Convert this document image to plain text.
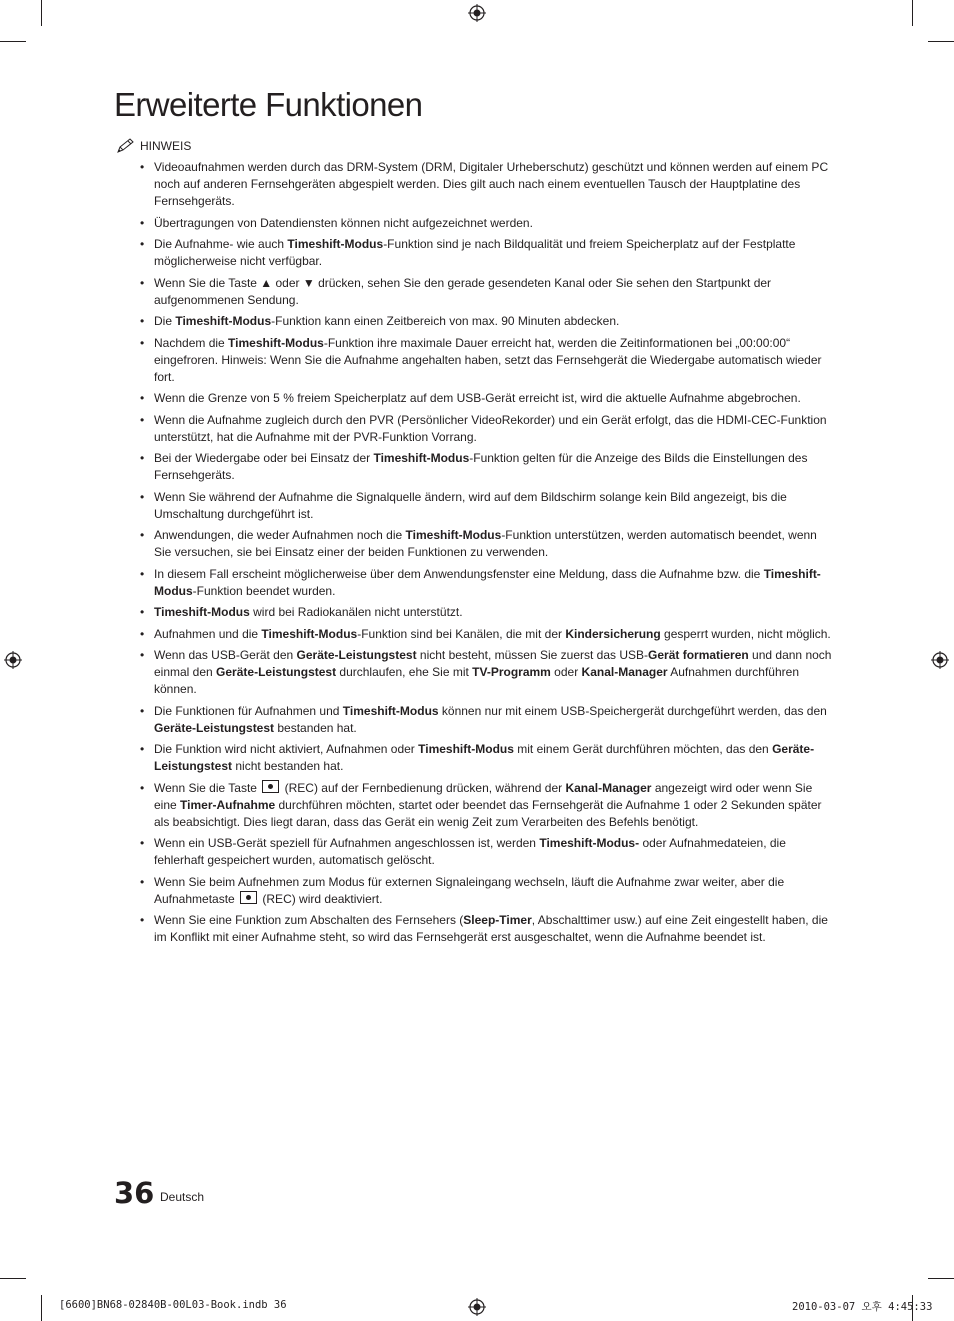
Erweiterte Funktionen
HINWEIS
• Videoaufnahmen werden durch das DRM-System (DRM, Digitaler Urheberschutz) geschützt und können werden auf einem PC noch auf anderen Fernsehgeräten abgespielt werden. Dies gilt auch nach einem eventuellen Tausch der Hauptplatine des Fernsehgeräts.
• Übertragungen von Datendiensten können nicht aufgezeichnet werden.
• Die Aufnahme- wie auch Timeshift-Modus-Funktion sind je nach Bildqualität und freiem Speicherplatz auf der Festplatte möglicherweise nicht verfügbar.
• Wenn Sie die Taste ▲ oder ▼ drücken, sehen Sie den gerade gesendeten Kanal oder Sie sehen den Startpunkt der aufgenommenen Sendung.
• Die Timeshift-Modus-Funktion kann einen Zeitbereich von max. 90 Minuten abdecken.
• Nachdem die Timeshift-Modus-Funktion ihre maximale Dauer erreicht hat, werden die Zeitinformationen bei „00:00:00“ eingefroren. Hinweis: Wenn Sie die Aufnahme angehalten haben, setzt das Fernsehgerät die Wiedergabe automatisch wieder fort.
• Wenn die Grenze von 5 % freiem Speicherplatz auf dem USB-Gerät erreicht ist, wird die aktuelle Aufnahme abgebrochen.
• Wenn die Aufnahme zugleich durch den PVR (Persönlicher VideoRekorder) und ein Gerät erfolgt, das die HDMI-CEC-Funktion unterstützt, hat die Aufnahme mit der PVR-Funktion Vorrang.
• Bei der Wiedergabe oder bei Einsatz der Timeshift-Modus-Funktion gelten für die Anzeige des Bilds die Einstellungen des Fernsehgeräts.
• Wenn Sie während der Aufnahme die Signalquelle ändern, wird auf dem Bildschirm solange kein Bild angezeigt, bis die Umschaltung durchgeführt ist.
• Anwendungen, die weder Aufnahmen noch die Timeshift-Modus-Funktion unterstützen, werden automatisch beendet, wenn Sie versuchen, sie bei Einsatz einer der beiden Funktionen zu verwenden.
• In diesem Fall erscheint möglicherweise über dem Anwendungsfenster eine Meldung, dass die Aufnahme bzw. die Timeshift-Modus-Funktion beendet wurden.
• Timeshift-Modus wird bei Radiokanälen nicht unterstützt.
• Aufnahmen und die Timeshift-Modus-Funktion sind bei Kanälen, die mit der Kindersicherung gesperrt wurden, nicht möglich.
• Wenn das USB-Gerät den Geräte-Leistungstest nicht besteht, müssen Sie zuerst das USB-Gerät formatieren und dann noch einmal den Geräte-Leistungstest durchlaufen, ehe Sie mit TV-Programm oder Kanal-Manager Aufnahmen durchführen können.
• Die Funktionen für Aufnahmen und Timeshift-Modus können nur mit einem USB-Speichergerät durchgeführt werden, das den Geräte-Leistungstest bestanden hat.
• Die Funktion wird nicht aktiviert, Aufnahmen oder Timeshift-Modus mit einem Gerät durchführen möchten, das den Geräte-Leistungstest nicht bestanden hat.
• Wenn Sie die Taste  (REC) auf der Fernbedienung drücken, während der Kanal-Manager angezeigt wird oder wenn Sie eine Timer-Aufnahme durchführen möchten, startet oder beendet das Fernsehgerät die Aufnahme 1 oder 2 Sekunden später als beabsichtigt. Dies liegt daran, dass das Gerät ein wenig Zeit zum Verarbeiten des Befehls benötigt.
• Wenn ein USB-Gerät speziell für Aufnahmen angeschlossen ist, werden Timeshift-Modus- oder Aufnahmedateien, die fehlerhaft gespeichert wurden, automatisch gelöscht.
• Wenn Sie beim Aufnehmen zum Modus für externen Signaleingang wechseln, läuft die Aufnahme zwar weiter, aber die Aufnahmetaste  (REC) wird deaktiviert.
• Wenn Sie eine Funktion zum Abschalten des Fernsehers (Sleep-Timer, Abschalttimer usw.) auf eine Zeit eingestellt haben, die im Konflikt mit einer Aufnahme steht, so wird das Fernsehgerät erst ausgeschaltet, wenn die Aufnahme beendet ist.
36 Deutsch
[6600]BN68-02840B-00L03-Book.indb 36	2010-03-07 오후 4:45:33
